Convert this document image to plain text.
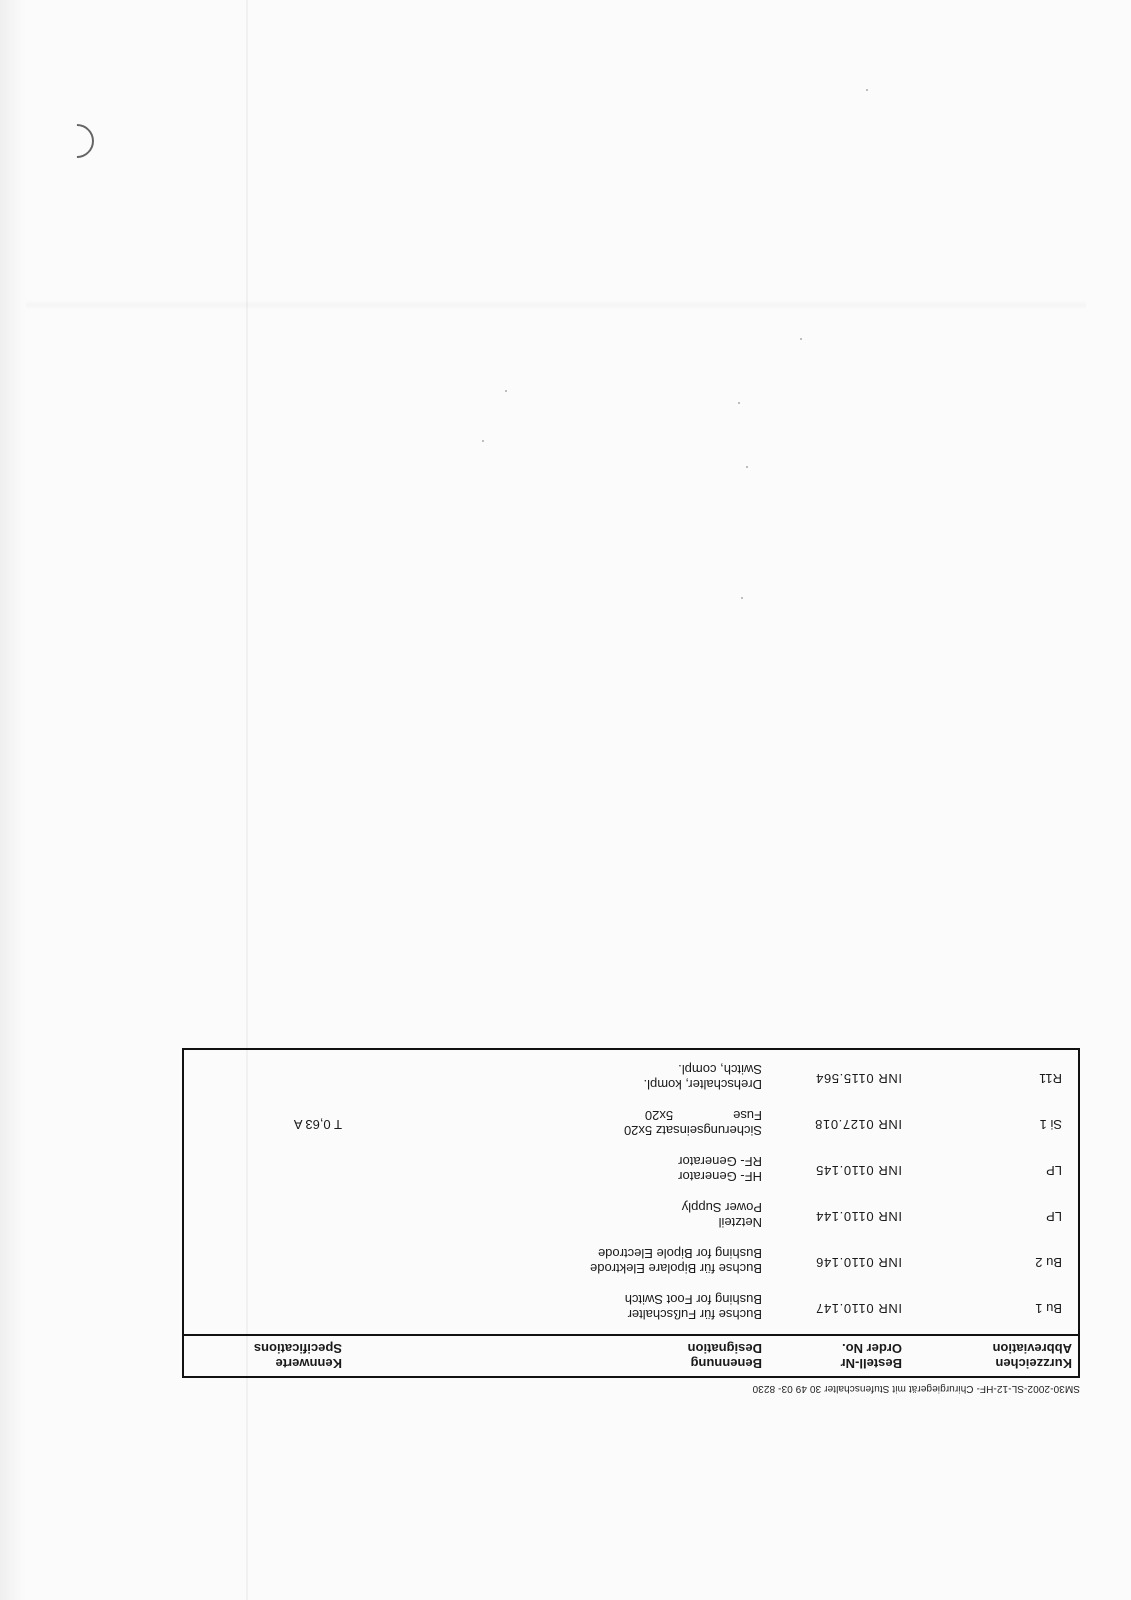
SM30-2002-SL-12-HF- Chirurgiegerät mit Stufenschalter 30 49 03- 8230
Kurzzeichen
Abbreviation
Bestell-Nr
Order No.
Benennung
Designation
Kennwerte
Specifications
Bu 1
INR 0110.147
Buchse für Fußschalter
Bushing for Foot Switch
Bu 2
INR 0110.146
Buchse für Bipolare Elektrode
Bushing for Bipole Electrode
LP
INR 0110.144
Netzteil
Power Supply
LP
INR 0110.145
HF- Generator
RF- Generator
Si 1
INR 0127.018
Sicherungseinsatz 5x20
Fuse
5x20
T 0,63 A
R11
INR 0115.564
Drehschalter, kompl.
Switch, compl.
